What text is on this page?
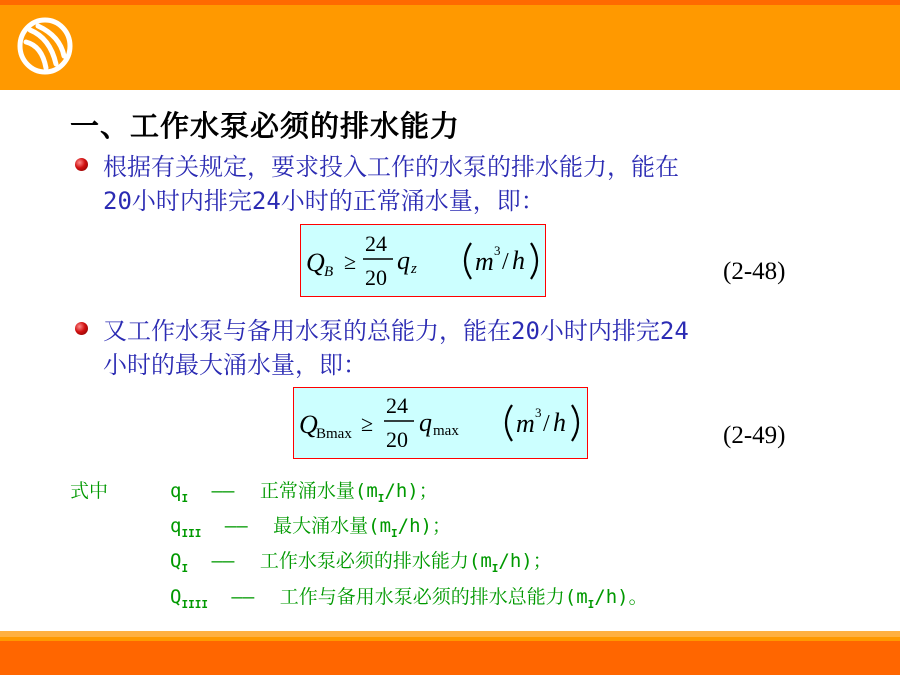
一、工作水泵必须的排水能力
根据有关规定，要求投入工作的水泵的排水能力，能在
20小时内排完24小时的正常涌水量，即：
Q B ≥
24
20
q z m 3 / h	(2-48)
又工作水泵与备用水泵的总能力，能在20小时内排完24
小时的最大涌水量，即：
Q
Bmax ≥
24
20
q max m 3 / h	(2-49)
式中	$q_I$ —— 正常涌水量$(m_I/h)$；
$q_{III}$ —— 最大涌水量$(m_I/h)$；
$Q_I$ —— 工作水泵必须的排水能力$(m_I/h)$；
$Q_{IIII}$ —— 工作与备用水泵必须的排水总能力$(m_I/h)$。
